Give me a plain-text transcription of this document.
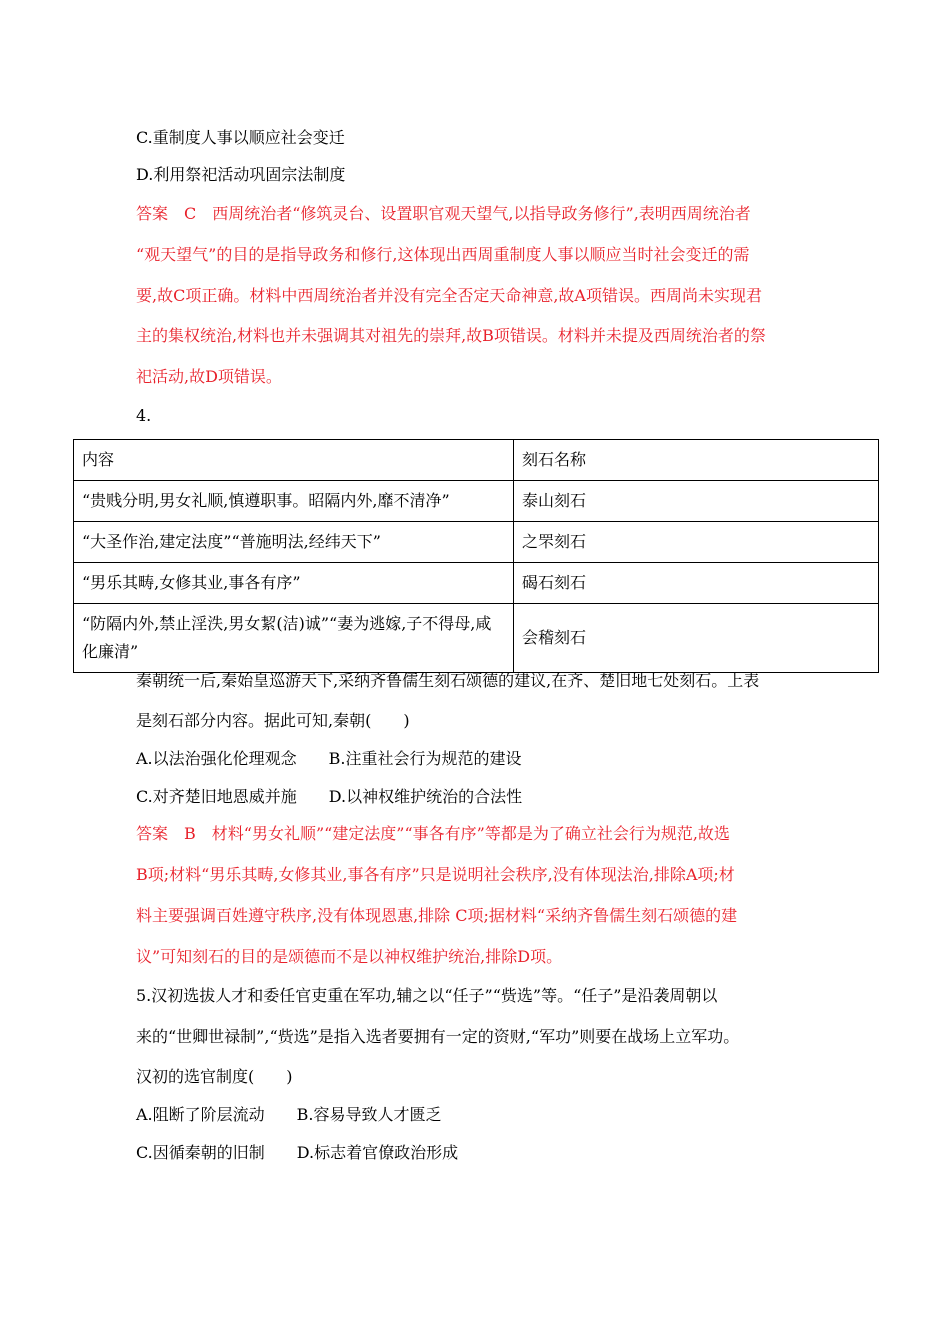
C.重制度人事以顺应社会变迁
D.利用祭祀活动巩固宗法制度
答案　C　西周统治者“修筑灵台、设置职官观天望气,以指导政务修行”,表明西周统治者
“观天望气”的目的是指导政务和修行,这体现出西周重制度人事以顺应当时社会变迁的需
要,故C项正确。材料中西周统治者并没有完全否定天命神意,故A项错误。西周尚未实现君
主的集权统治,材料也并未强调其对祖先的崇拜,故B项错误。材料并未提及西周统治者的祭
祀活动,故D项错误。
4.
内容	刻石名称
“贵贱分明,男女礼顺,慎遵职事。昭隔内外,靡不清净”	泰山刻石
“大圣作治,建定法度”“普施明法,经纬天下”	之罘刻石
“男乐其畴,女修其业,事各有序”	碣石刻石
“防隔内外,禁止淫泆,男女絜(洁)诚”“妻为逃嫁,子不得母,咸化廉清”	会稽刻石
秦朝统一后,秦始皇巡游天下,采纳齐鲁儒生刻石颂德的建议,在齐、楚旧地七处刻石。上表
是刻石部分内容。据此可知,秦朝(　　)
A.以法治强化伦理观念 B.注重社会行为规范的建设
C.对齐楚旧地恩威并施 D.以神权维护统治的合法性
答案　B　材料“男女礼顺”“建定法度”“事各有序”等都是为了确立社会行为规范,故选
B项;材料“男乐其畴,女修其业,事各有序”只是说明社会秩序,没有体现法治,排除A项;材
料主要强调百姓遵守秩序,没有体现恩惠,排除 C项;据材料“采纳齐鲁儒生刻石颂德的建
议”可知刻石的目的是颂德而不是以神权维护统治,排除D项。
5.汉初选拔人才和委任官吏重在军功,辅之以“任子”“赀选”等。“任子”是沿袭周朝以
来的“世卿世禄制”,“赀选”是指入选者要拥有一定的资财,“军功”则要在战场上立军功。
汉初的选官制度(　　)
A.阻断了阶层流动 B.容易导致人才匮乏
C.因循秦朝的旧制 D.标志着官僚政治形成
